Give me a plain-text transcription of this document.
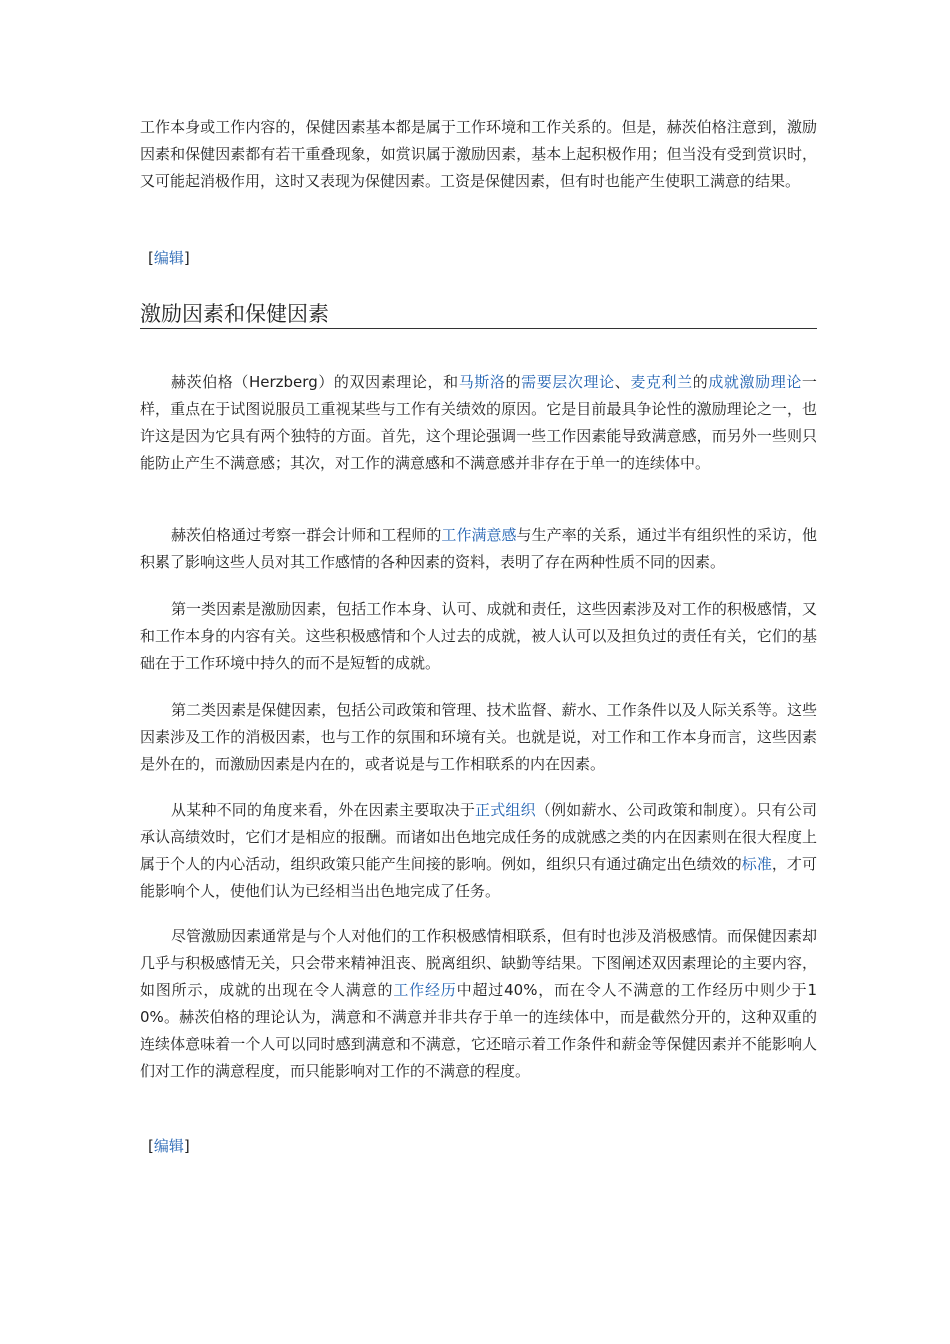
工作本身或工作内容的，保健因素基本都是属于工作环境和工作关系的。但是，赫茨伯格注意到，激励因素和保健因素都有若干重叠现象，如赏识属于激励因素，基本上起积极作用；但当没有受到赏识时，又可能起消极作用，这时又表现为保健因素。工资是保健因素，但有时也能产生使职工满意的结果。

[编辑]
激励因素和保健因素

赫茨伯格（Herzberg）的双因素理论，和马斯洛的需要层次理论、麦克利兰的成就激励理论一样，重点在于试图说服员工重视某些与工作有关绩效的原因。它是目前最具争论性的激励理论之一，也许这是因为它具有两个独特的方面。首先，这个理论强调一些工作因素能导致满意感，而另外一些则只能防止产生不满意感；其次，对工作的满意感和不满意感并非存在于单一的连续体中。

赫茨伯格通过考察一群会计师和工程师的工作满意感与生产率的关系，通过半有组织性的采访，他积累了影响这些人员对其工作感情的各种因素的资料，表明了存在两种性质不同的因素。

第一类因素是激励因素，包括工作本身、认可、成就和责任，这些因素涉及对工作的积极感情，又和工作本身的内容有关。这些积极感情和个人过去的成就，被人认可以及担负过的责任有关，它们的基础在于工作环境中持久的而不是短暂的成就。

第二类因素是保健因素，包括公司政策和管理、技术监督、薪水、工作条件以及人际关系等。这些因素涉及工作的消极因素，也与工作的氛围和环境有关。也就是说，对工作和工作本身而言，这些因素是外在的，而激励因素是内在的，或者说是与工作相联系的内在因素。

从某种不同的角度来看，外在因素主要取决于正式组织（例如薪水、公司政策和制度）。只有公司承认高绩效时，它们才是相应的报酬。而诸如出色地完成任务的成就感之类的内在因素则在很大程度上属于个人的内心活动，组织政策只能产生间接的影响。例如，组织只有通过确定出色绩效的标准，才可能影响个人，使他们认为已经相当出色地完成了任务。

尽管激励因素通常是与个人对他们的工作积极感情相联系，但有时也涉及消极感情。而保健因素却几乎与积极感情无关，只会带来精神沮丧、脱离组织、缺勤等结果。下图阐述双因素理论的主要内容，如图所示，成就的出现在令人满意的工作经历中超过40%，而在令人不满意的工作经历中则少于10%。赫茨伯格的理论认为，满意和不满意并非共存于单一的连续体中，而是截然分开的，这种双重的连续体意味着一个人可以同时感到满意和不满意，它还暗示着工作条件和薪金等保健因素并不能影响人们对工作的满意程度，而只能影响对工作的不满意的程度。

[编辑]
